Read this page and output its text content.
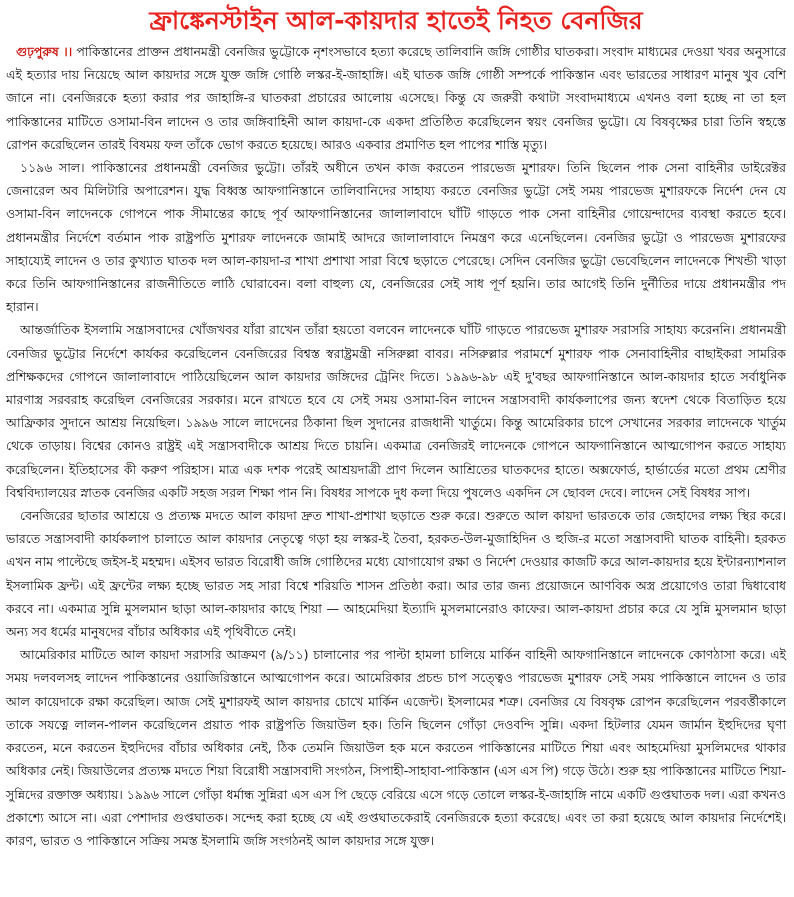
ফ্রাঙ্কেনস্টাইন আল-কায়দার হাতেই নিহত বেনজির

গুঢ়পুরুষ ।। পাকিস্তানের প্রাক্তন প্রধানমন্ত্রী বেনজির ভুট্টোকে নৃশংসভাবে হত্যা করেছে তালিবানি জঙ্গি গোষ্ঠীর ঘাতকরা। সংবাদ মাধ্যমের দেওয়া খবর অনুসারে এই হত্যার দায় নিয়েছে আল কায়দার সঙ্গে যুক্ত জঙ্গি গোষ্ঠি লস্কর-ই-জাহাঙ্গি। এই ঘাতক জঙ্গি গোষ্ঠী সম্পর্কে পাকিস্তান এবং ভারতের সাধারণ মানুষ খুব বেশি জানে না। বেনজিরকে হত্যা করার পর জাহাঙ্গি-র ঘাতকরা প্রচারের আলোয় এসেছে। কিন্তু যে জরুরী কথাটা সংবাদমাধ্যমে এখনও বলা হচ্ছে না তা হল পাকিস্তানের মাটিতে ওসামা-বিন লাদেন ও তার জঙ্গিবাহিনী আল কায়দা-কে একদা প্রতিষ্ঠিত করেছিলেন স্বয়ং বেনজির ভুট্টো। যে বিষবৃক্ষের চারা তিনি স্বহস্তে রোপন করেছিলেন তারই বিষময় ফল তাঁকে ভোগ করতে হয়েছে। আরও একবার প্রমাণিত হল পাপের শাস্তি মৃত্যু।

১১৯৬ সাল। পাকিস্তানের প্রধানমন্ত্রী বেনজির ভুট্টো। তাঁরই অধীনে তখন কাজ করতেন পারভেজ মুশারফ। তিনি ছিলেন পাক সেনা বাহিনীর ডাইরেক্টর জেনারেল অব মিলিটারি অপারেশন। যুদ্ধ বিধ্বস্ত আফগানিস্তানে তালিবানিদের সাহায্য করতে বেনজির ভুট্টো সেই সময় পারভেজ মুশারফকে নির্দেশ দেন যে ওসামা-বিন লাদেনকে গোপনে পাক সীমান্তের কাছে পূর্ব আফগানিস্তানের জালালাবাদে ঘাঁটি গাড়তে পাক সেনা বাহিনীর গোয়েন্দাদের ব্যবস্থা করতে হবে। প্রধানমন্ত্রীর নির্দেশে বর্তমান পাক রাষ্ট্রপতি মুশারফ লাদেনকে জামাই আদরে জালালাবাদে নিমন্ত্রণ করে এনেছিলেন। বেনজির ভুট্টো ও পারভেজ মুশারফের সাহায্যেই লাদেন ও তার কুখ্যাত ঘাতক দল আল-কায়দা-র শাখা প্রশাখা সারা বিশ্বে ছড়াতে পেরেছে। সেদিন বেনজির ভুট্টো ভেবেছিলেন লাদেনকে শিখন্ডী খাড়া করে তিনি আফগানিস্তানের রাজনীতিতে লাঠি ঘোরাবেন। বলা বাহুল্য যে, বেনজিরের সেই সাধ পূর্ণ হয়নি। তার আগেই তিনি দুর্নীতির দায়ে প্রধানমন্ত্রীর পদ হারান।

আন্তর্জাতিক ইসলামি সন্ত্রাসবাদের খোঁজখবর যাঁরা রাখেন তাঁরা হয়তো বলবেন লাদেনকে ঘাঁটি গাড়তে পারভেজ মুশারফ সরাসরি সাহায্য করেননি। প্রধানমন্ত্রী বেনজির ভুট্টোর নির্দেশে কার্যকর করেছিলেন বেনজিরের বিশ্বস্ত স্বরাষ্ট্রমন্ত্রী নসিরুল্লা বাবর। নসিরুল্লার পরামর্শে মুশারফ পাক সেনাবাহিনীর বাছাইকরা সামরিক প্রশিক্ষকদের গোপনে জালালাবাদে পাঠিয়েছিলেন আল কায়দার জঙ্গিদের ট্রেনিং দিতে। ১৯৯৬-৯৮ এই দু'বছর আফগানিস্তানে আল-কায়দার হাতে সর্বাধুনিক মারণাস্ত্র সরবরাহ করেছিল বেনজিরের সরকার। মনে রাখতে হবে যে সেই সময় ওসামা-বিন লাদেন সন্ত্রাসবাদী কার্যকলাপের জন্য স্বদেশ থেকে বিতাড়িত হয়ে আফ্রিকার সুদানে আশ্রয় নিয়েছিল। ১৯৯৬ সালে লাদেনের ঠিকানা ছিল সুদানের রাজধানী খার্তুমে। কিন্তু আমেরিকার চাপে সেখানের সরকার লাদেনকে খার্তুম থেকে তাড়ায়। বিশ্বের কোনও রাষ্ট্রই এই সন্ত্রাসবাদীকে আশ্রয় দিতে চায়নি। একমাত্র বেনজিরই লাদেনকে গোপনে আফগানিস্তানে আত্মগোপন করতে সাহায্য করেছিলেন। ইতিহাসের কী করুণ পরিহাস। মাত্র এক দশক পরেই আশ্রয়দাত্রী প্রাণ দিলেন আশ্রিতের ঘাতকদের হাতে। অক্সফোর্ড, হার্ভার্ডের মতো প্রথম শ্রেণীর বিশ্ববিদ্যালয়ের স্নাতক বেনজির একটি সহজ সরল শিক্ষা পান নি। বিষধর সাপকে দুধ কলা দিয়ে পুষলেও একদিন সে ছোবল দেবে। লাদেন সেই বিষধর সাপ।

বেনজিরের ছাতার আশ্রয়ে ও প্রত্যক্ষ মদতে আল কায়দা দ্রুত শাখা-প্রশাখা ছড়াতে শুরু করে। শুরুতে আল কায়দা ভারতকে তার জেহাদের লক্ষ্য স্থির করে। ভারতে সন্ত্রাসবাদী কার্যকলাপ চালাতে আল কায়দার নেতৃত্বে গড়া হয় লস্কর-ই তৈবা, হরকত-উল-মুজাহিদিন ও হুজি-র মতো সন্ত্রাসবাদী ঘাতক বাহিনী। হরকত এখন নাম পাল্টেছে জইস-ই মহম্মদ। এইসব ভারত বিরোধী জঙ্গি গোষ্ঠিদের মধ্যে যোগাযোগ রক্ষা ও নির্দেশ দেওয়ার কাজটি করে আল-কায়দার হয়ে ইন্টারন্যাশনাল ইসলামিক ফ্রন্ট। এই ফ্রন্টের লক্ষ্য হচ্ছে ভারত সহ সারা বিশ্বে শরিয়তি শাসন প্রতিষ্ঠা করা। আর তার জন্য প্রয়োজনে আণবিক অস্ত্র প্রয়োগেও তারা দ্বিধাবোধ করবে না। একমাত্র সুন্নি মুসলমান ছাড়া আল-কায়দার কাছে শিয়া — আহমেদিয়া ইত্যাদি মুসলমানেরাও কাফের। আল-কায়দা প্রচার করে যে সুন্নি মুসলমান ছাড়া অন্য সব ধর্মের মানুষদের বাঁচার অধিকার এই পৃথিবীতে নেই।

আমেরিকার মাটিতে আল কায়দা সরাসরি আক্রমণ (৯/১১) চালানোর পর পাল্টা হামলা চালিয়ে মার্কিন বাহিনী আফগানিস্তানে লাদেনকে কোণঠাসা করে। এই সময় দলবলসহ লাদেন পাকিস্তানের ওয়াজিরিস্তানে আত্মগোপন করে। আমেরিকার প্রচন্ড চাপ সত্ত্বেও পারভেজ মুশারফ সেই সময় পাকিস্তানে লাদেন ও তার আল কায়েদাকে রক্ষা করেছিল। আজ সেই মুশারফই আল কায়দার চোখে মার্কিন এজেন্ট। ইসলামের শত্রু। বেনজির যে বিষবৃক্ষ রোপন করেছিলেন পরবর্ত্তীকালে তাকে সযত্নে লালন-পালন করেছিলেন প্রয়াত পাক রাষ্ট্রপতি জিয়াউল হক। তিনি ছিলেন গোঁড়া দেওবন্দি সুন্নি। একদা হিটলার যেমন জার্মান ইহুদিদের ঘৃণা করতেন, মনে করতেন ইহুদিদের বাঁচার অধিকার নেই, ঠিক তেমনি জিয়াউল হক মনে করতেন পাকিস্তানের মাটিতে শিয়া এবং আহমেদিয়া মুসলিমদের থাকার অধিকার নেই। জিয়াউলের প্রত্যক্ষ মদতে শিয়া বিরোধী সন্ত্রাসবাদী সংগঠন, সিপাহী-সাহাবা-পাকিস্তান (এস এস পি) গড়ে উঠে। শুরু হয় পাকিস্তানের মাটিতে শিয়া-সুন্নিদের রক্তাক্ত অধ্যায়। ১৯৯৬ সালে গোঁড়া ধর্মান্ধ সুন্নিরা এস এস পি ছেড়ে বেরিয়ে এসে গড়ে তোলে লস্কর-ই-জাহাঙ্গি নামে একটি গুপ্তঘাতক দল। এরা কখনও প্রকাশ্যে আসে না। এরা পেশাদার গুপ্তঘাতক। সন্দেহ করা হচ্ছে যে এই গুপ্তঘাতকেরাই বেনজিরকে হত্যা করেছে। এবং তা করা হয়েছে আল কায়দার নির্দেশেই। কারণ, ভারত ও পাকিস্তানে সক্রিয় সমস্ত ইসলামি জঙ্গি সংগঠনই আল কায়দার সঙ্গে যুক্ত।
